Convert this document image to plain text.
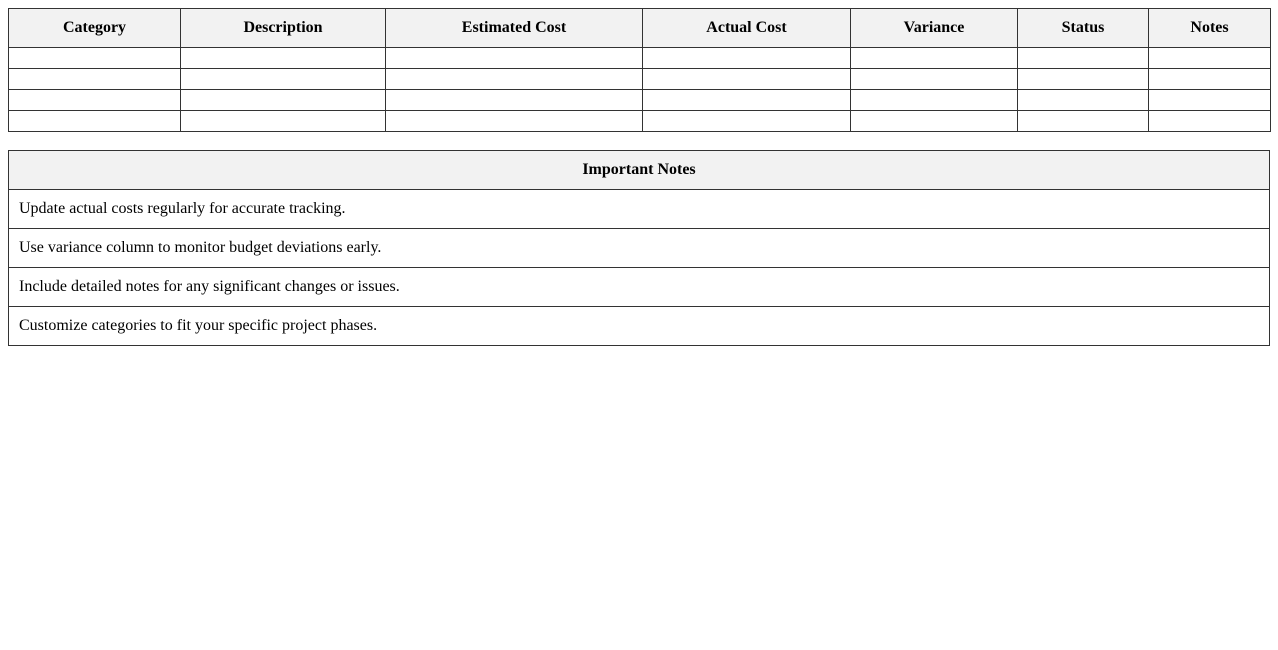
Category	Description	Estimated Cost	Actual Cost	Variance	Status	Notes

Important Notes
Update actual costs regularly for accurate tracking.
Use variance column to monitor budget deviations early.
Include detailed notes for any significant changes or issues.
Customize categories to fit your specific project phases.
